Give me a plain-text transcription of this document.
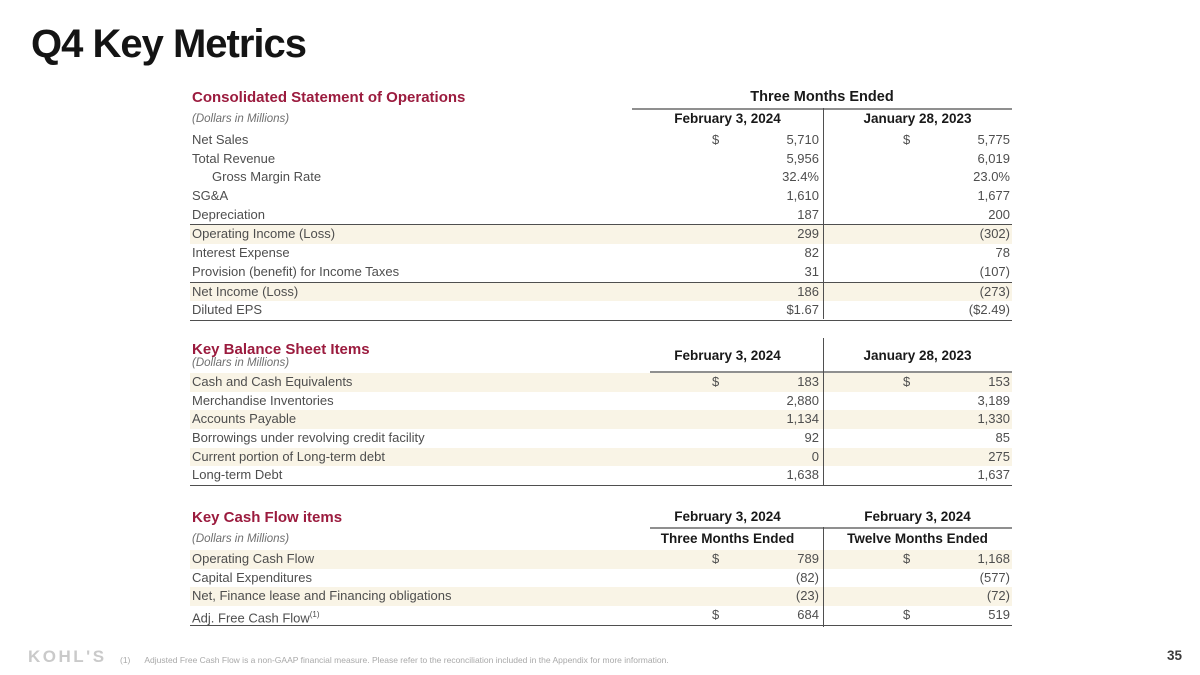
Q4 Key Metrics
Consolidated Statement of Operations	Three Months Ended
(Dollars in Millions)	February 3, 2024	January 28, 2023
Net Sales	$	5,710	$	5,775
Total Revenue	5,956	6,019
Gross Margin Rate	32.4%	23.0%
SG&A	1,610	1,677
Depreciation	187	200
Operating Income (Loss)	299	(302)
Interest Expense	82	78
Provision (benefit) for Income Taxes	31	(107)
Net Income (Loss)	186	(273)
Diluted EPS	$1.67	($2.49)
Key Balance Sheet Items
(Dollars in Millions)	February 3, 2024	January 28, 2023
Cash and Cash Equivalents	$	183	$	153
Merchandise Inventories	2,880	3,189
Accounts Payable	1,134	1,330
Borrowings under revolving credit facility	92	85
Current portion of Long-term debt	0	275
Long-term Debt	1,638	1,637
Key Cash Flow items	February 3, 2024	February 3, 2024
(Dollars in Millions)	Three Months Ended	Twelve Months Ended
Operating Cash Flow	$	789	$	1,168
Capital Expenditures	(82)	(577)
Net, Finance lease and Financing obligations	(23)	(72)
Adj. Free Cash Flow$^{(1)}$	$	684	$	519
KOHL'S (1) Adjusted Free Cash Flow is a non-GAAP financial measure. Please refer to the reconciliation included in the Appendix for more information.	35
